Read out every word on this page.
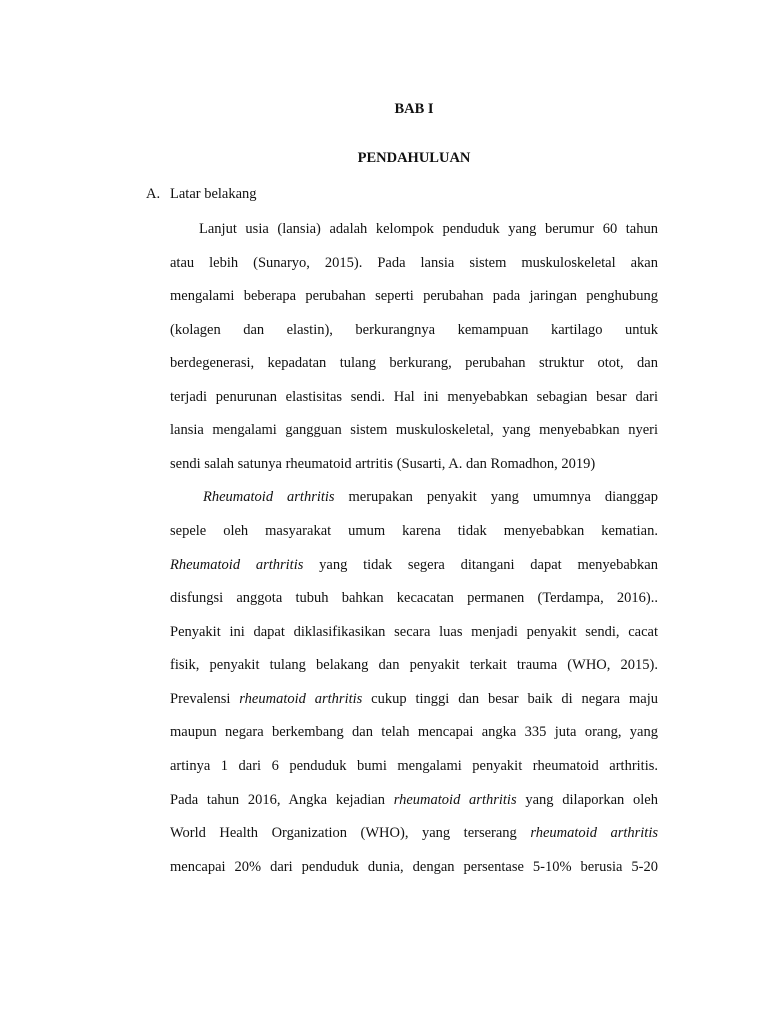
BAB I
PENDAHULUAN
A. Latar belakang
Lanjut usia (lansia) adalah kelompok penduduk yang berumur 60 tahun
atau lebih (Sunaryo, 2015). Pada lansia sistem muskuloskeletal akan
mengalami beberapa perubahan seperti perubahan pada jaringan penghubung
(kolagen dan elastin), berkurangnya kemampuan kartilago untuk
berdegenerasi, kepadatan tulang berkurang, perubahan struktur otot, dan
terjadi penurunan elastisitas sendi. Hal ini menyebabkan sebagian besar dari
lansia mengalami gangguan sistem muskuloskeletal, yang menyebabkan nyeri
sendi salah satunya rheumatoid artritis (Susarti, A. dan Romadhon, 2019)
Rheumatoid arthritis merupakan penyakit yang umumnya dianggap
sepele oleh masyarakat umum karena tidak menyebabkan kematian.
Rheumatoid arthritis yang tidak segera ditangani dapat menyebabkan
disfungsi anggota tubuh bahkan kecacatan permanen (Terdampa, 2016)..
Penyakit ini dapat diklasifikasikan secara luas menjadi penyakit sendi, cacat
fisik, penyakit tulang belakang dan penyakit terkait trauma (WHO, 2015).
Prevalensi rheumatoid arthritis cukup tinggi dan besar baik di negara maju
maupun negara berkembang dan telah mencapai angka 335 juta orang, yang
artinya 1 dari 6 penduduk bumi mengalami penyakit rheumatoid arthritis.
Pada tahun 2016, Angka kejadian rheumatoid arthritis yang dilaporkan oleh
World Health Organization (WHO), yang terserang rheumatoid arthritis
mencapai 20% dari penduduk dunia, dengan persentase 5-10% berusia 5-20
